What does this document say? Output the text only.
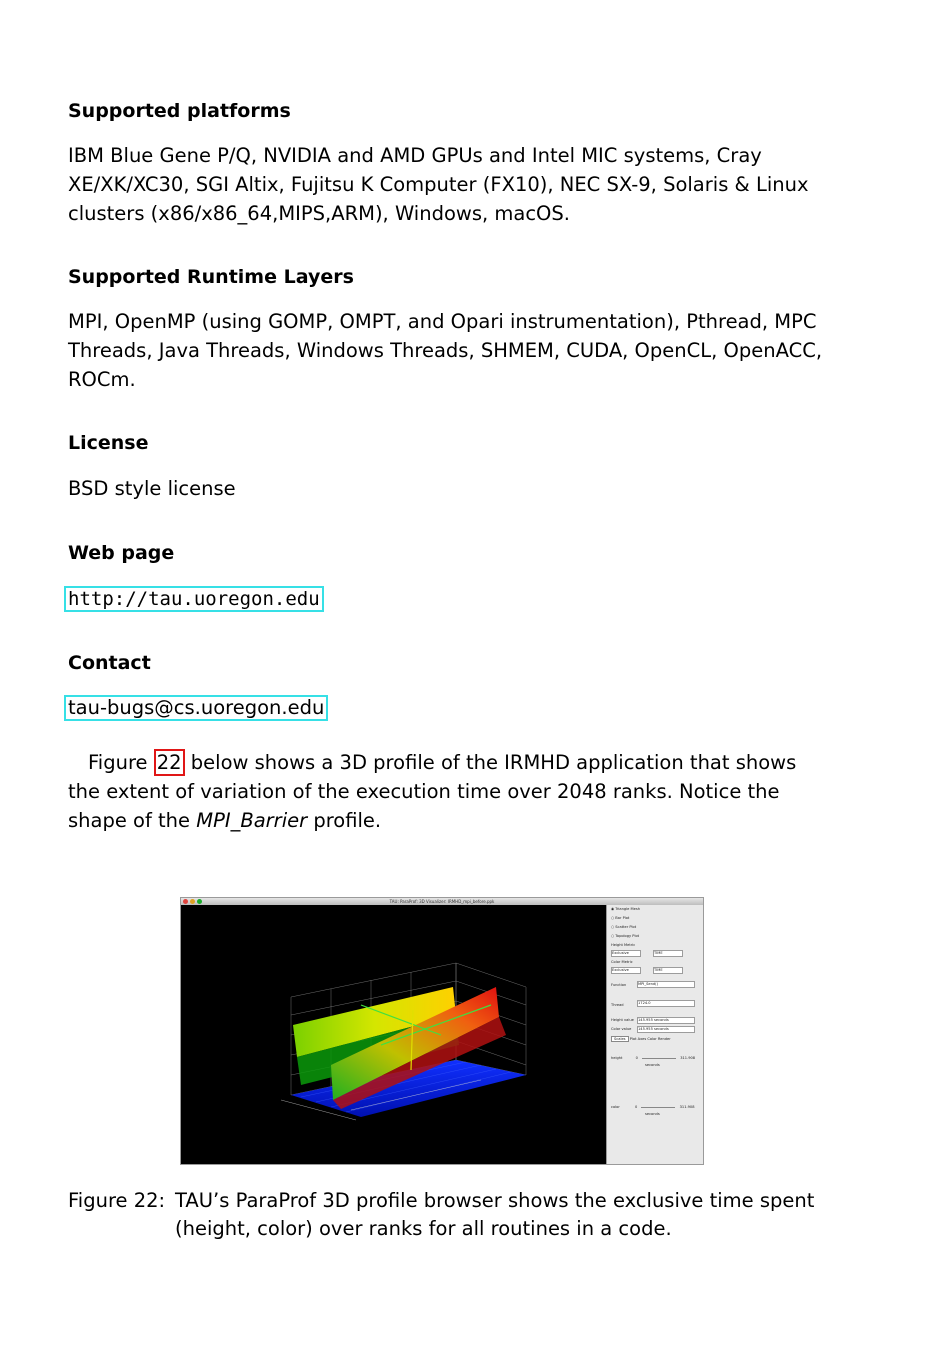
Supported platforms
IBM Blue Gene P/Q, NVIDIA and AMD GPUs and Intel MIC systems, Cray XE/XK/XC30, SGI Altix, Fujitsu K Computer (FX10), NEC SX-9, Solaris & Linux clusters (x86/x86_64,MIPS,ARM), Windows, macOS.
Supported Runtime Layers
MPI, OpenMP (using GOMP, OMPT, and Opari instrumentation), Pthread, MPC Threads, Java Threads, Windows Threads, SHMEM, CUDA, OpenCL, OpenACC, ROCm.
License
BSD style license
Web page
http://tau.uoregon.edu
Contact
tau-bugs@cs.uoregon.edu
Figure 22 below shows a 3D profile of the IRMHD application that shows
the extent of variation of the execution time over 2048 ranks. Notice the
shape of the MPI_Barrier profile.
Figure 22: TAU’s ParaProf 3D profile browser shows the exclusive time spent (height, color) over ranks for all routines in a code.
TAU: ParaProf: 3D Visualizer: IRMHD_mpi_before.ppk
◉ Triangle Mesh
○ Bar Plot
○ Scatter Plot
○ Topology Plot
Height Metric
Exclusive	TIME
Color Metric
Exclusive	TIME
Function	MPI_Send()
Thread	1724.0
Height value 145.955 seconds
Color value 145.955 seconds
Scales Plot Axes Color Render
height	0	311.908
seconds
color	0	311.908
seconds
